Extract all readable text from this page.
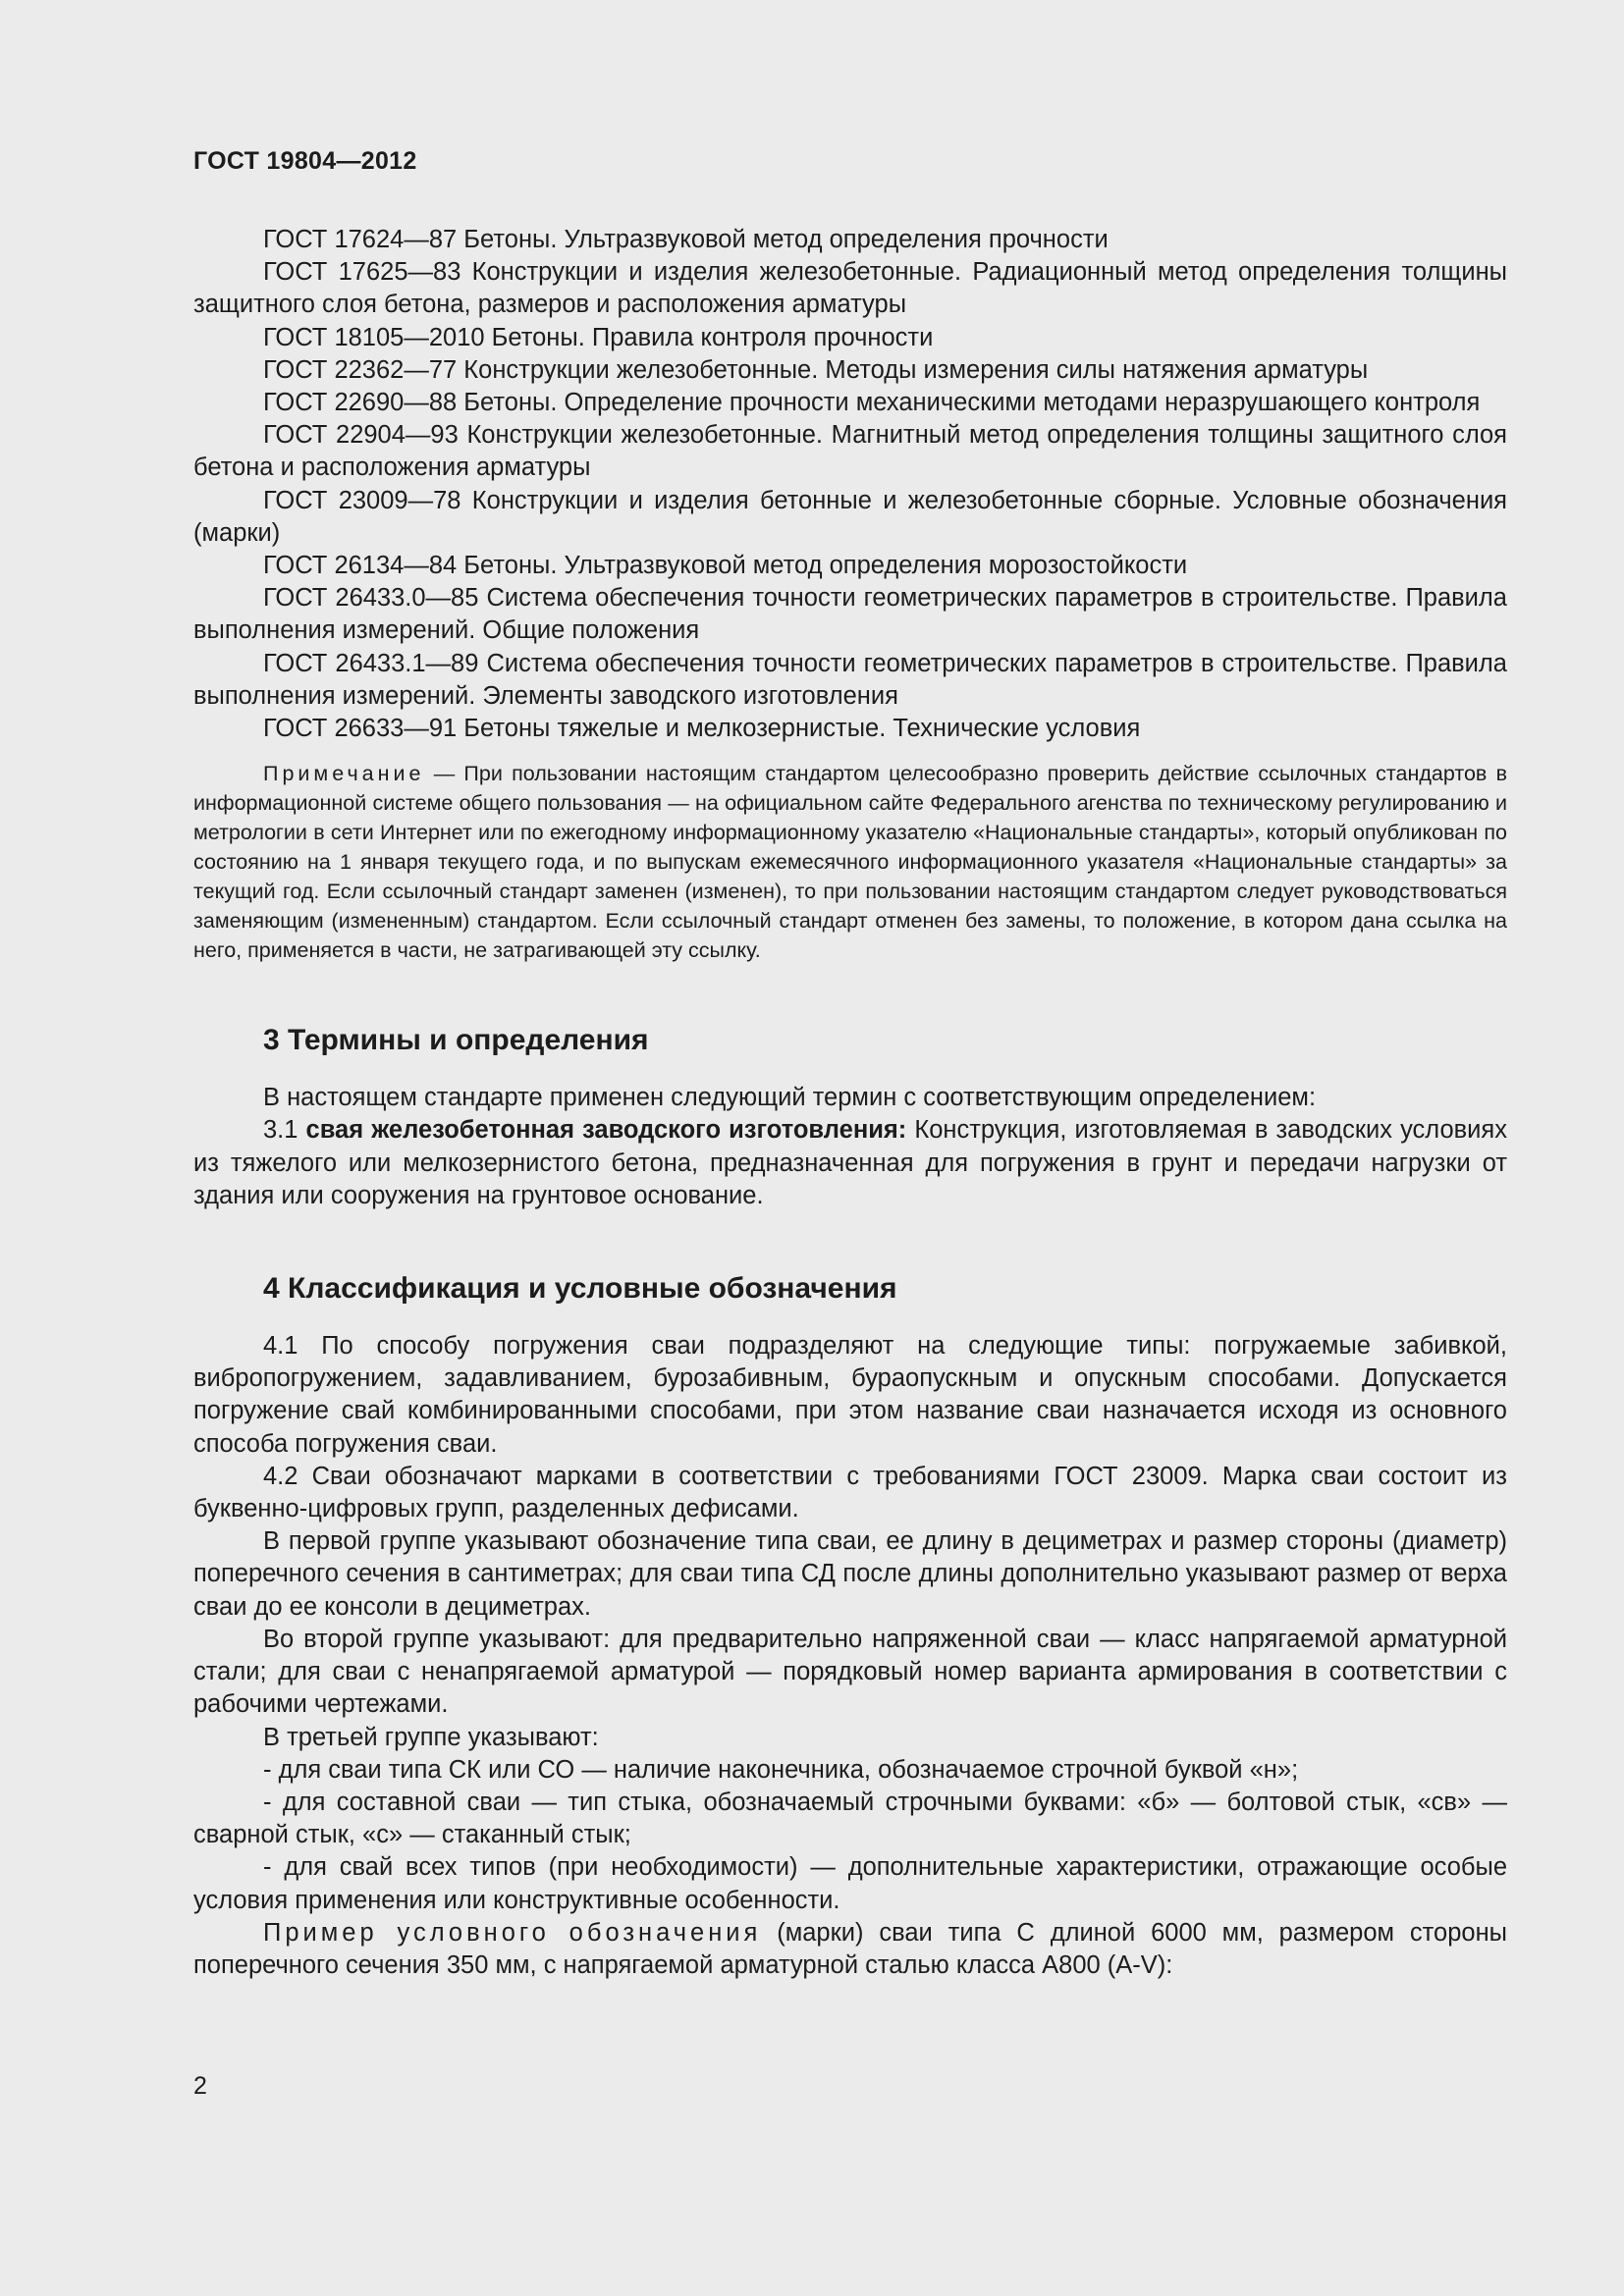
ГОСТ 19804—2012

ГОСТ 17624—87 Бетоны. Ультразвуковой метод определения прочности

ГОСТ 17625—83 Конструкции и изделия железобетонные. Радиационный метод определения толщины защитного слоя бетона, размеров и расположения арматуры

ГОСТ 18105—2010 Бетоны. Правила контроля прочности

ГОСТ 22362—77 Конструкции железобетонные. Методы измерения силы натяжения арматуры

ГОСТ 22690—88 Бетоны. Определение прочности механическими методами неразрушающего контроля

ГОСТ 22904—93 Конструкции железобетонные. Магнитный метод определения толщины защитного слоя бетона и расположения арматуры

ГОСТ 23009—78 Конструкции и изделия бетонные и железобетонные сборные. Условные обозначения (марки)

ГОСТ 26134—84 Бетоны. Ультразвуковой метод определения морозостойкости

ГОСТ 26433.0—85 Система обеспечения точности геометрических параметров в строительстве. Правила выполнения измерений. Общие положения

ГОСТ 26433.1—89 Система обеспечения точности геометрических параметров в строительстве. Правила выполнения измерений. Элементы заводского изготовления

ГОСТ 26633—91 Бетоны тяжелые и мелкозернистые. Технические условия

Примечание — При пользовании настоящим стандартом целесообразно проверить действие ссылочных стандартов в информационной системе общего пользования — на официальном сайте Федерального агенства по техническому регулированию и метрологии в сети Интернет или по ежегодному информационному указателю «Национальные стандарты», который опубликован по состоянию на 1 января текущего года, и по выпускам ежемесячного информационного указателя «Национальные стандарты» за текущий год. Если ссылочный стандарт заменен (изменен), то при пользовании настоящим стандартом следует руководствоваться заменяющим (измененным) стандартом. Если ссылочный стандарт отменен без замены, то положение, в котором дана ссылка на него, применяется в части, не затрагивающей эту ссылку.

3 Термины и определения

В настоящем стандарте применен следующий термин с соответствующим определением:

3.1 свая железобетонная заводского изготовления: Конструкция, изготовляемая в заводских условиях из тяжелого или мелкозернистого бетона, предназначенная для погружения в грунт и передачи нагрузки от здания или сооружения на грунтовое основание.

4 Классификация и условные обозначения

4.1 По способу погружения сваи подразделяют на следующие типы: погружаемые забивкой, вибропогружением, задавливанием, бурозабивным, бураопускным и опускным способами. Допускается погружение свай комбинированными способами, при этом название сваи назначается исходя из основного способа погружения сваи.

4.2 Сваи обозначают марками в соответствии с требованиями ГОСТ 23009. Марка сваи состоит из буквенно-цифровых групп, разделенных дефисами.

В первой группе указывают обозначение типа сваи, ее длину в дециметрах и размер стороны (диаметр) поперечного сечения в сантиметрах; для сваи типа СД после длины дополнительно указывают размер от верха сваи до ее консоли в дециметрах.

Во второй группе указывают: для предварительно напряженной сваи — класс напрягаемой арматурной стали; для сваи с ненапрягаемой арматурой — порядковый номер варианта армирования в соответствии с рабочими чертежами.

В третьей группе указывают:

- для сваи типа СК или СО — наличие наконечника, обозначаемое строчной буквой «н»;

- для составной сваи — тип стыка, обозначаемый строчными буквами: «б» — болтовой стык, «св» — сварной стык, «с» — стаканный стык;

- для свай всех типов (при необходимости) — дополнительные характеристики, отражающие особые условия применения или конструктивные особенности.

Пример условного обозначения (марки) сваи типа С длиной 6000 мм, размером стороны поперечного сечения 350 мм, с напрягаемой арматурной сталью класса А800 (A-V):

2
